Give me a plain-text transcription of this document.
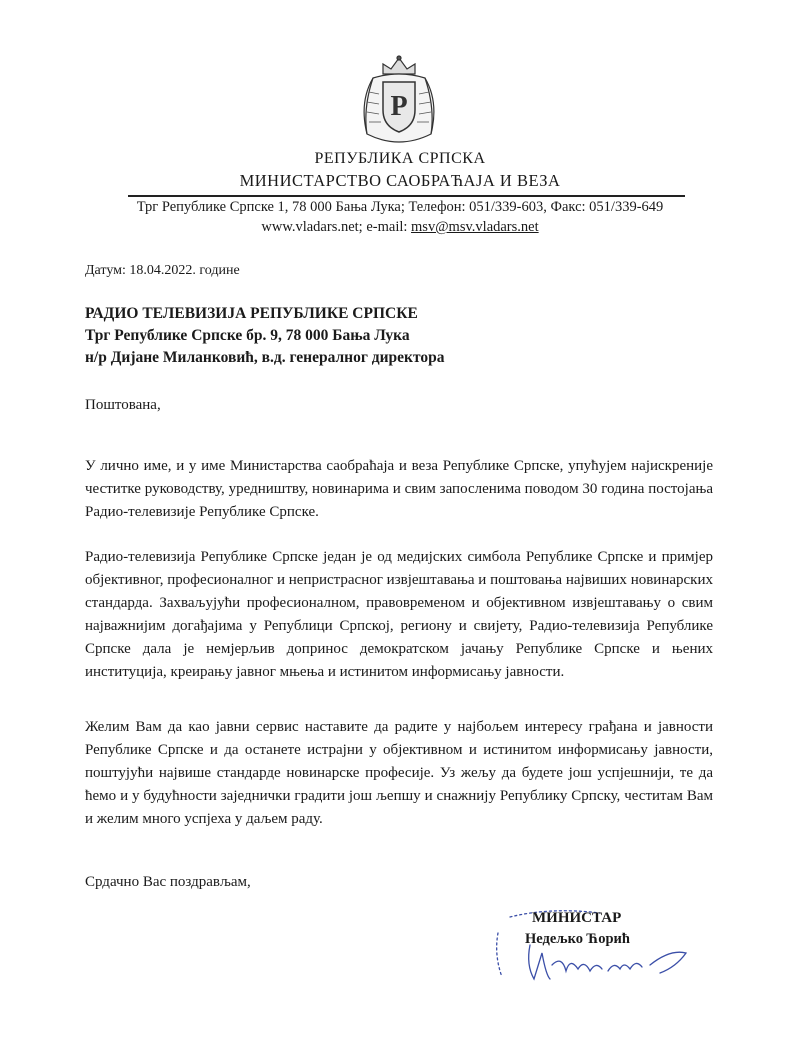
Р
РЕПУБЛИКА СРПСКА
МИНИСТАРСТВО САОБРАЋАЈА И ВЕЗА
Трг Републике Српске 1, 78 000 Бања Лука; Телефон: 051/339-603, Факс: 051/339-649
www.vladars.net; e-mail: msv@msv.vladars.net
Датум: 18.04.2022. године
РАДИО ТЕЛЕВИЗИЈА РЕПУБЛИКЕ СРПСКЕ
Трг Републике Српске бр. 9, 78 000 Бања Лука
н/р Дијане Миланковић, в.д. генералног директора
Поштована,

У лично име, и у име Министарства саобраћаја и веза Републике Српске, упућујем најискреније честитке руководству, уредништву, новинарима и свим запосленима поводом 30 година постојања Радио-телевизије Републике Српске.

Радио-телевизија Републике Српске један је од медијских симбола Републике Српске и примјер објективног, професионалног и непристрасног извјештавања и поштовања највиших новинарских стандарда. Захваљујући професионалном, правовременом и објективном извјештавању о свим најважнијим догађајима у Републици Српској, региону и свијету, Радио-телевизија Републике Српске дала је немјерљив допринос демократском јачању Републике Српске и њених институција, креирању јавног мњења и истинитом информисању јавности.

Желим Вам да као јавни сервис наставите да радите у најбољем интересу грађана и јавности Републике Српске и да останете истрајни у објективном и истинитом информисању јавности, поштујући највише стандарде новинарске професије. Уз жељу да будете још успјешнији, те да ћемо и у будућности заједнички градити још љепшу и снажнију Републику Српску, честитам Вам и желим много успјеха у даљем раду.

Срдачно Вас поздрављам,
МИНИСТАР
Недељко Ћорић
